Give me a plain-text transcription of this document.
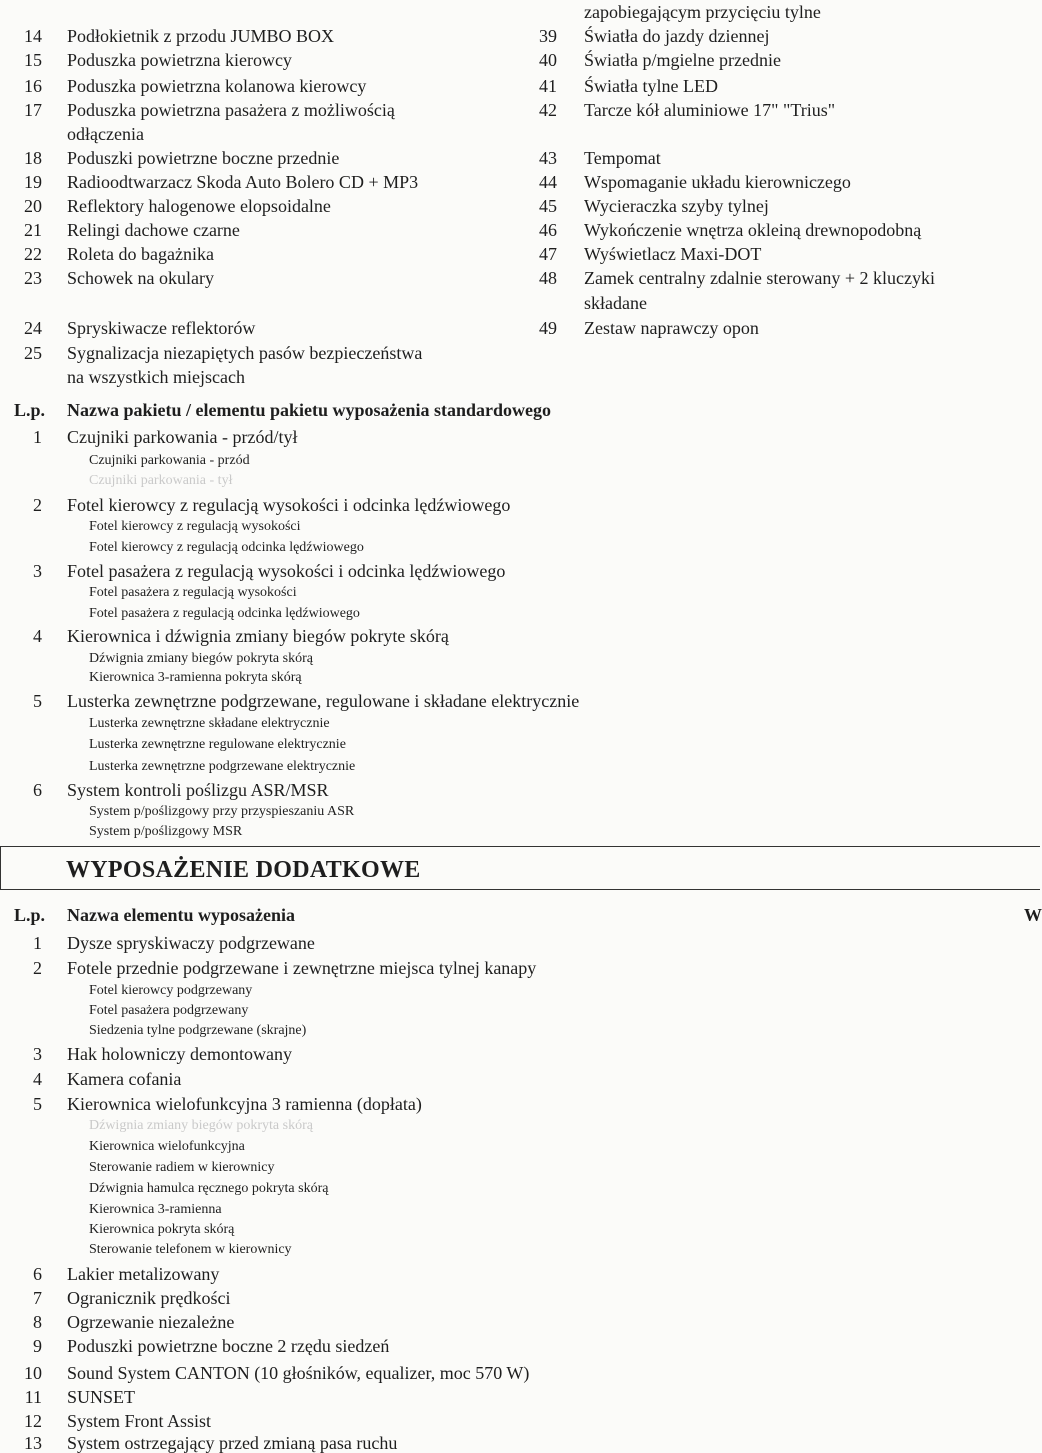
zapobiegającym przycięciu tylne
14 Podłokietnik z przodu JUMBO BOX
15 Poduszka powietrzna kierowcy
16 Poduszka powietrzna kolanowa kierowcy
17 Poduszka powietrzna pasażera z możliwością
odłączenia
18 Poduszki powietrzne boczne przednie
19 Radioodtwarzacz Skoda Auto Bolero CD + MP3
20 Reflektory halogenowe elopsoidalne
21 Relingi dachowe czarne
22 Roleta do bagażnika
23 Schowek na okulary
24 Spryskiwacze reflektorów
25 Sygnalizacja niezapiętych pasów bezpieczeństwa
na wszystkich miejscach
39 Światła do jazdy dziennej
40 Światła p/mgielne przednie
41 Światła tylne LED
42 Tarcze kół aluminiowe 17" "Trius"
43 Tempomat
44 Wspomaganie układu kierowniczego
45 Wycieraczka szyby tylnej
46 Wykończenie wnętrza okleiną drewnopodobną
47 Wyświetlacz Maxi-DOT
48 Zamek centralny zdalnie sterowany + 2 kluczyki
składane
49 Zestaw naprawczy opon
L.p. Nazwa pakietu / elementu pakietu wyposażenia standardowego
1 Czujniki parkowania - przód/tył
Czujniki parkowania - przód
Czujniki parkowania - tył
2 Fotel kierowcy z regulacją wysokości i odcinka lędźwiowego
Fotel kierowcy z regulacją wysokości
Fotel kierowcy z regulacją odcinka lędźwiowego
3 Fotel pasażera z regulacją wysokości i odcinka lędźwiowego
Fotel pasażera z regulacją wysokości
Fotel pasażera z regulacją odcinka lędźwiowego
4 Kierownica i dźwignia zmiany biegów pokryte skórą
Dźwignia zmiany biegów pokryta skórą
Kierownica 3-ramienna pokryta skórą
5 Lusterka zewnętrzne podgrzewane, regulowane i składane elektrycznie
Lusterka zewnętrzne składane elektrycznie
Lusterka zewnętrzne regulowane elektrycznie
Lusterka zewnętrzne podgrzewane elektrycznie
6 System kontroli poślizgu ASR/MSR
System p/poślizgowy przy przyspieszaniu ASR
System p/poślizgowy MSR
WYPOSAŻENIE DODATKOWE
L.p. Nazwa elementu wyposażenia	W
1 Dysze spryskiwaczy podgrzewane
2 Fotele przednie podgrzewane i zewnętrzne miejsca tylnej kanapy
Fotel kierowcy podgrzewany
Fotel pasażera podgrzewany
Siedzenia tylne podgrzewane (skrajne)
3 Hak holowniczy demontowany
4 Kamera cofania
5 Kierownica wielofunkcyjna 3 ramienna (dopłata)
Dźwignia zmiany biegów pokryta skórą
Kierownica wielofunkcyjna
Sterowanie radiem w kierownicy
Dźwignia hamulca ręcznego pokryta skórą
Kierownica 3-ramienna
Kierownica pokryta skórą
Sterowanie telefonem w kierownicy
6 Lakier metalizowany
7 Ogranicznik prędkości
8 Ogrzewanie niezależne
9 Poduszki powietrzne boczne 2 rzędu siedzeń
10 Sound System CANTON (10 głośników, equalizer, moc 570 W)
11 SUNSET
12 System Front Assist
13 System ostrzegający przed zmianą pasa ruchu
